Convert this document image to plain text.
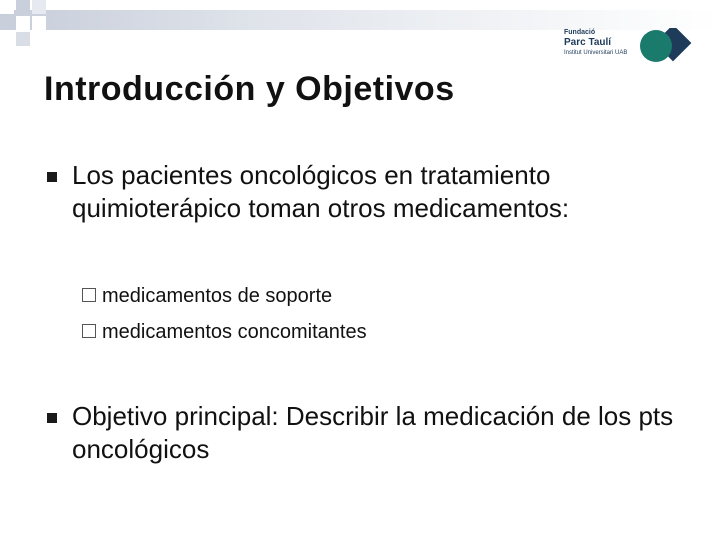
Fundació
Parc Taulí
Institut Universitari UAB
Introducción y Objetivos
Los pacientes oncológicos en tratamiento quimioterápico toman otros medicamentos:
medicamentos de soporte
medicamentos concomitantes
Objetivo principal: Describir la medicación de los pts oncológicos
